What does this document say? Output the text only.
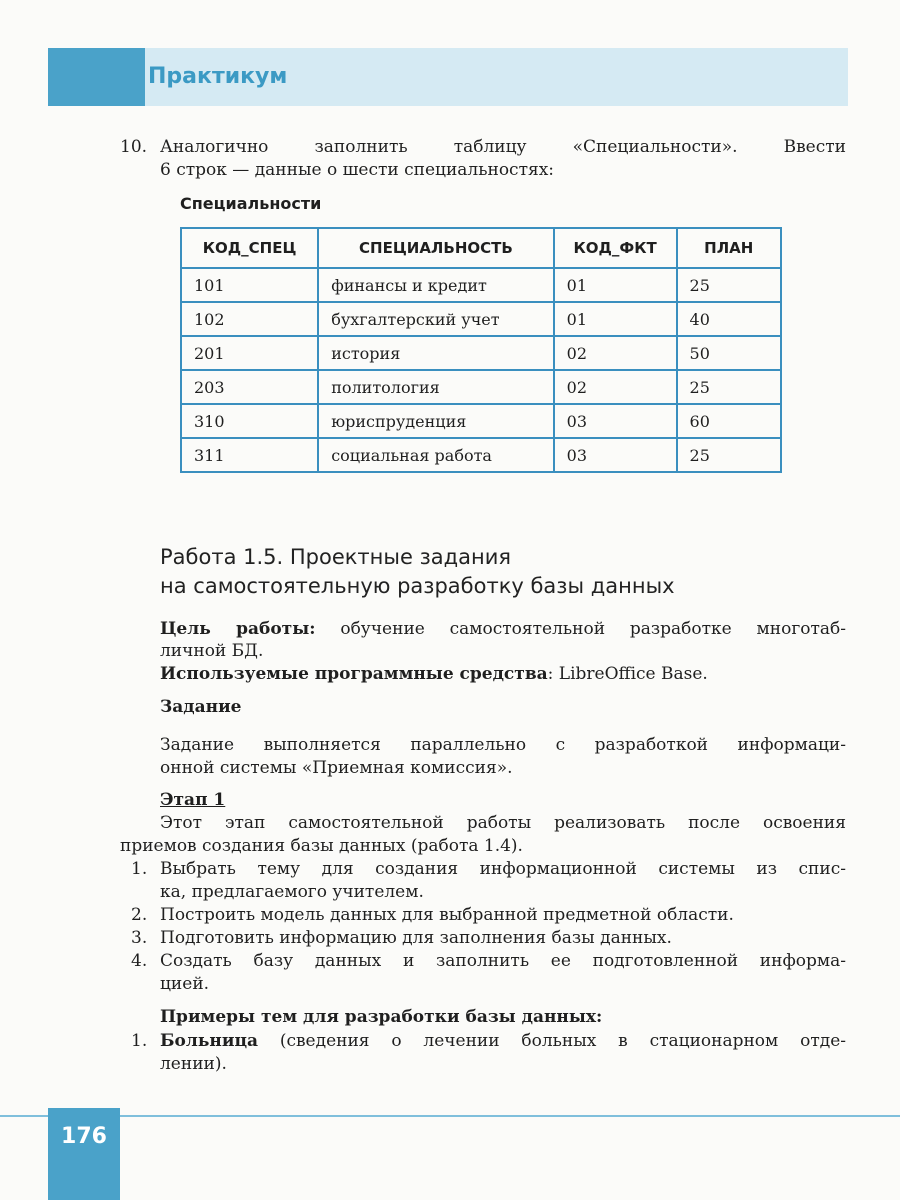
Практикум
10. Аналогично заполнить таблицу «Специальности». Ввести
6 строк — данные о шести специальностях:
Специальности
КОД_СПЕЦ	СПЕЦИАЛЬНОСТЬ	КОД_ФКТ	ПЛАН
101	финансы и кредит	01	25
102	бухгалтерский учет	01	40
201	история	02	50
203	политология	02	25
310	юриспруденция	03	60
311	социальная работа	03	25
Работа 1.5. Проектные задания
на самостоятельную разработку базы данных
Цель работы: обучение самостоятельной разработке многотаб-
личной БД.
Используемые программные средства: LibreOffice Base.
Задание
Задание выполняется параллельно с разработкой информаци-
онной системы «Приемная комиссия».
Этап 1
Этот этап самостоятельной работы реализовать после освоения
приемов создания базы данных (работа 1.4).
1. Выбрать тему для создания информационной системы из спис-
ка, предлагаемого учителем.
2. Построить модель данных для выбранной предметной области.
3. Подготовить информацию для заполнения базы данных.
4. Создать базу данных и заполнить ее подготовленной информа-
цией.
Примеры тем для разработки базы данных:
1. Больница (сведения о лечении больных в стационарном отде-
лении).
176
